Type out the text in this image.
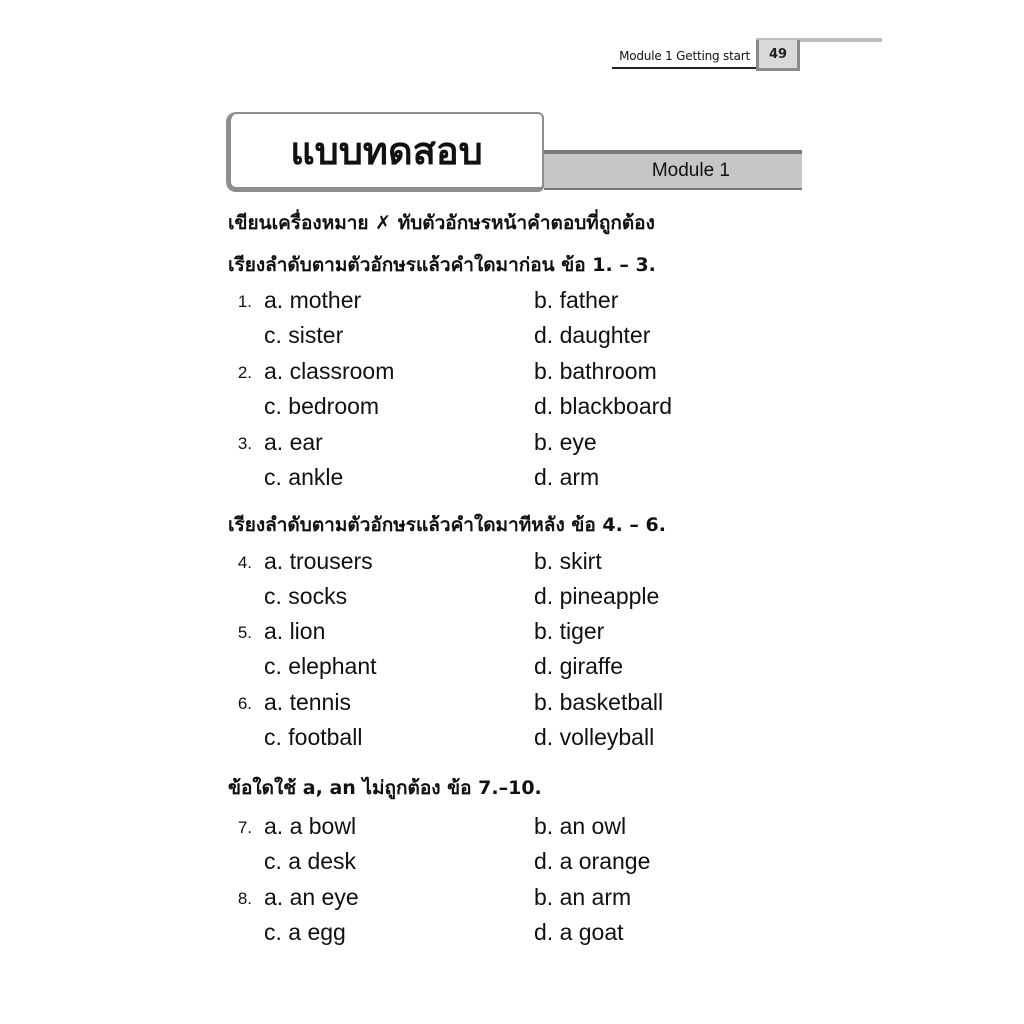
Module 1 Getting start	49
Module 1
แบบทดสอบ
เขียนเครื่องหมาย ✗ ทับตัวอักษรหน้าคำตอบที่ถูกต้อง
เรียงลำดับตามตัวอักษรแล้วคำใดมาก่อน ข้อ 1. – 3.
1. a. mother	b. father
c. sister	d. daughter
2. a. classroom	b. bathroom
c. bedroom	d. blackboard
3. a. ear	b. eye
c. ankle	d. arm
เรียงลำดับตามตัวอักษรแล้วคำใดมาทีหลัง ข้อ 4. – 6.
4. a. trousers	b. skirt
c. socks	d. pineapple
5. a. lion	b. tiger
c. elephant	d. giraffe
6. a. tennis	b. basketball
c. football	d. volleyball
ข้อใดใช้ a, an ไม่ถูกต้อง ข้อ 7.–10.
7. a. a bowl	b. an owl
c. a desk	d. a orange
8. a. an eye	b. an arm
c. a egg	d. a goat
